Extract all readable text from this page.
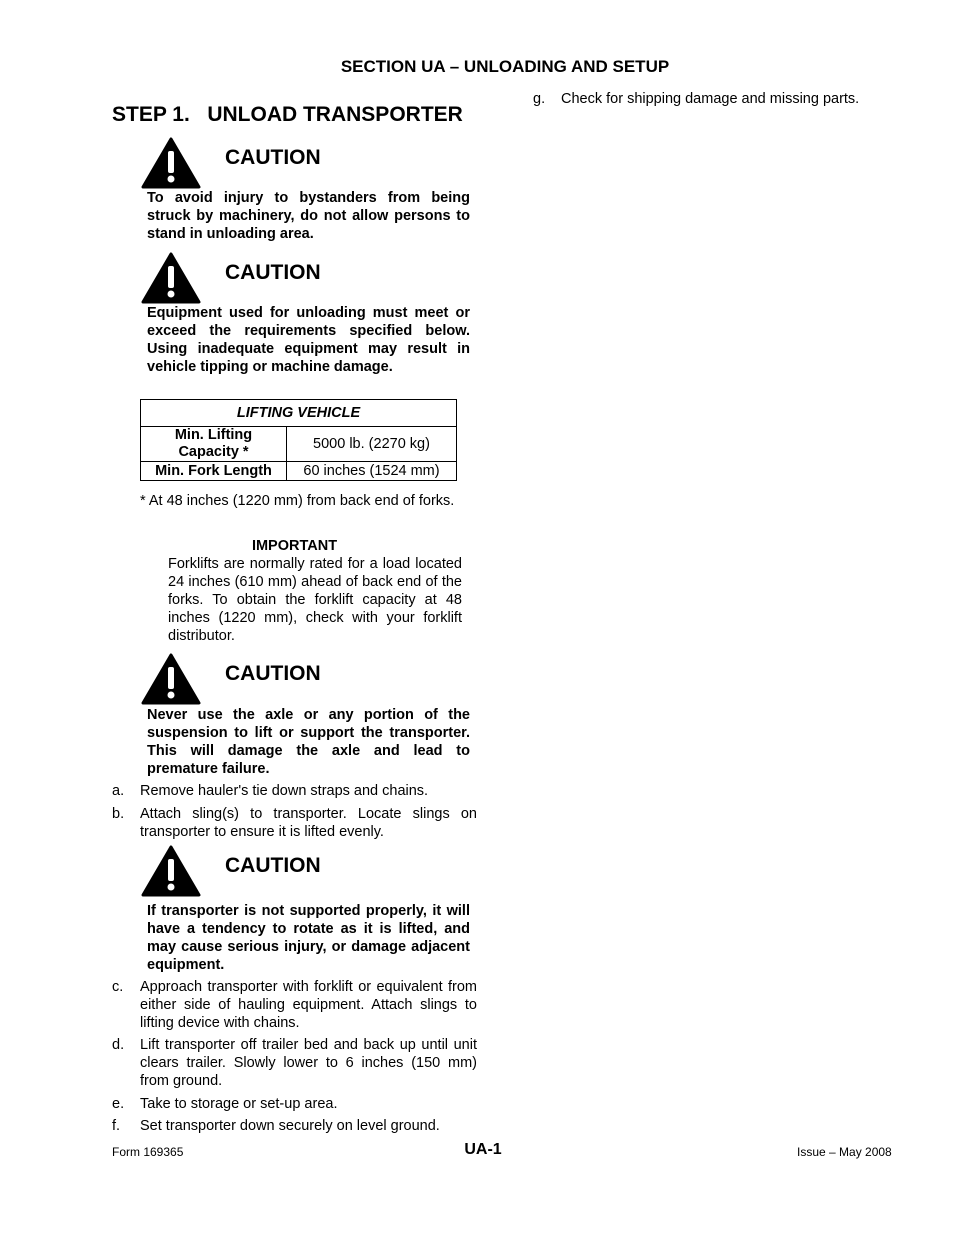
SECTION UA – UNLOADING AND SETUP
STEP 1.   UNLOAD TRANSPORTER
CAUTION
To avoid injury to bystanders from being struck by machinery, do not allow persons to stand in unloading area.
CAUTION
Equipment used for unloading must meet or exceed the requirements specified below. Using inadequate equipment may result in vehicle tipping or machine damage.
LIFTING VEHICLE	
Min. Lifting Capacity *	5000 lb. (2270 kg)
Min. Fork Length	60 inches (1524 mm)
* At 48 inches (1220 mm) from back end of forks.
IMPORTANT
Forklifts are normally rated for a load located 24 inches (610 mm) ahead of back end of the forks. To obtain the forklift capacity at 48 inches (1220 mm), check with your forklift distributor.
CAUTION
Never use the axle or any portion of the suspension to lift or support the transporter. This will damage the axle and lead to premature failure.
a. Remove hauler's tie down straps and chains.
b. Attach sling(s) to transporter. Locate slings on transporter to ensure it is lifted evenly.
CAUTION
If transporter is not supported properly, it will have a tendency to rotate as it is lifted, and may cause serious injury, or damage adjacent equipment.
c. Approach transporter with forklift or equivalent from either side of hauling equipment. Attach slings to lifting device with chains.
d. Lift transporter off trailer bed and back up until unit clears trailer. Slowly lower to 6 inches (150 mm) from ground.
e. Take to storage or set-up area.
f. Set transporter down securely on level ground.
g. Check for shipping damage and missing parts.
Form 169365	UA-1	Issue – May 2008
